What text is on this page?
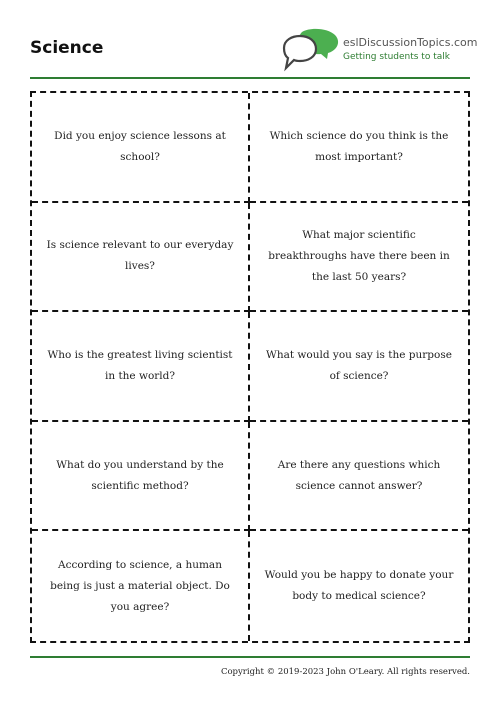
Science	eslDiscussionTopics.com
Getting students to talk
Did you enjoy science lessons at school?
Which science do you think is the most important?
Is science relevant to our everyday lives?
What major scientific breakthroughs have there been in the last 50 years?
Who is the greatest living scientist in the world?
What would you say is the purpose of science?
What do you understand by the scientific method?
Are there any questions which science cannot answer?
According to science, a human being is just a material object. Do you agree?
Would you be happy to donate your body to medical science?
Copyright © 2019-2023 John O'Leary. All rights reserved.
